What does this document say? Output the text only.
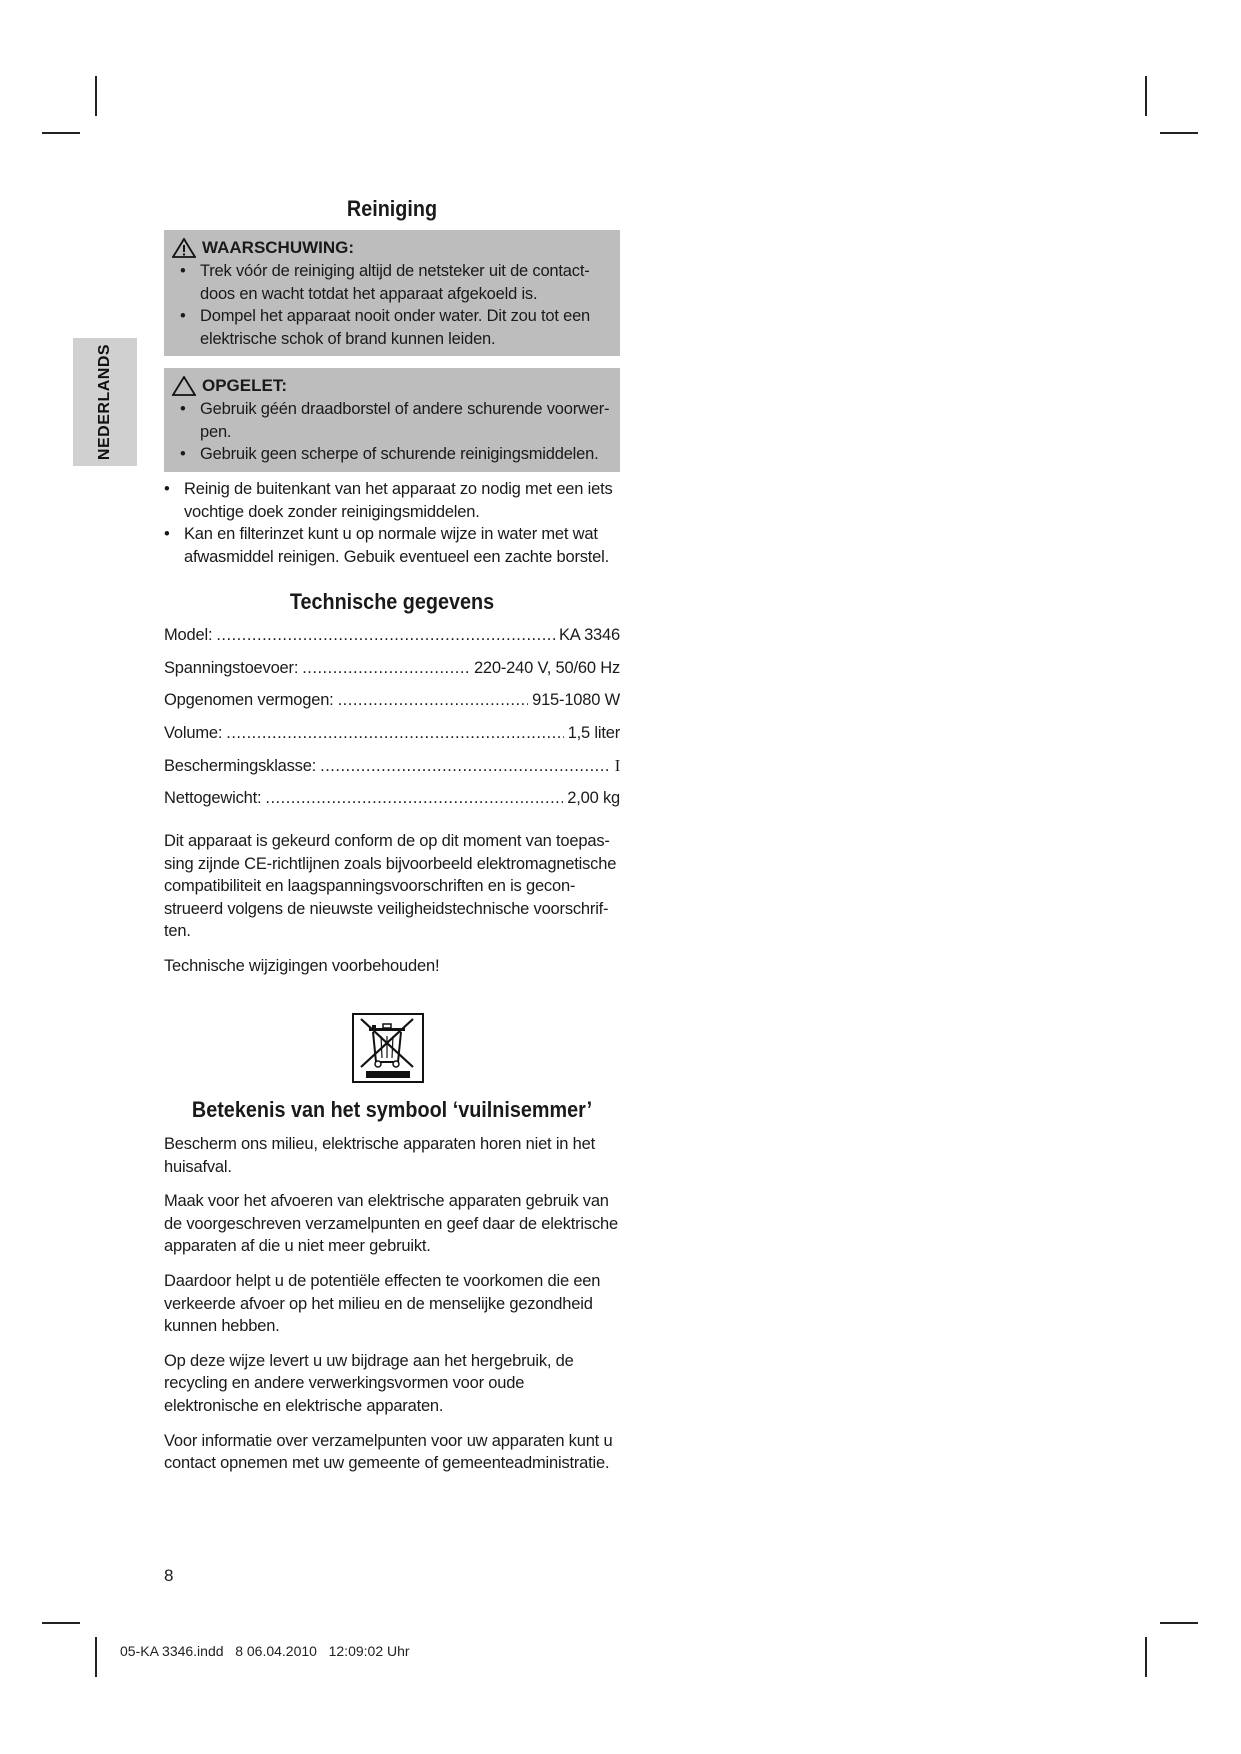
NEDERLANDS
Reiniging
WAARSCHUWING:
• Trek vóór de reiniging altijd de netsteker uit de contact- doos en wacht totdat het apparaat afgekoeld is.
• Dompel het apparaat nooit onder water. Dit zou tot een elektrische schok of brand kunnen leiden.
OPGELET:
• Gebruik géén draadborstel of andere schurende voorwer- pen.
• Gebruik geen scherpe of schurende reinigingsmiddelen.
• Reinig de buitenkant van het apparaat zo nodig met een iets vochtige doek zonder reinigingsmiddelen.
• Kan en filterinzet kunt u op normale wijze in water met wat afwasmiddel reinigen. Gebuik eventueel een zachte borstel.
Technische gegevens
Model: .....	KA 3346
Spanningstoevoer: .....	220-240 V, 50/60 Hz
Opgenomen vermogen: .....	915-1080 W
Volume: .....	1,5 liter
Beschermingsklasse: .....	I
Nettogewicht: .....	2,00 kg

Dit apparaat is gekeurd conform de op dit moment van toepas- sing zijnde CE-richtlijnen zoals bijvoorbeeld elektromagnetische compatibiliteit en laagspanningsvoorschriften en is gecon- strueerd volgens de nieuwste veiligheidstechnische voorschrif- ten.

Technische wijzigingen voorbehouden!

Betekenis van het symbool ‘vuilnisemmer’

Bescherm ons milieu, elektrische apparaten horen niet in het huisafval.

Maak voor het afvoeren van elektrische apparaten gebruik van de voorgeschreven verzamelpunten en geef daar de elektrische apparaten af die u niet meer gebruikt.

Daardoor helpt u de potentiële effecten te voorkomen die een verkeerde afvoer op het milieu en de menselijke gezondheid kunnen hebben.

Op deze wijze levert u uw bijdrage aan het hergebruik, de recycling en andere verwerkingsvormen voor oude elektronische en elektrische apparaten.

Voor informatie over verzamelpunten voor uw apparaten kunt u contact opnemen met uw gemeente of gemeenteadministratie.

8
05-KA 3346.indd   8 06.04.2010   12:09:02 Uhr
